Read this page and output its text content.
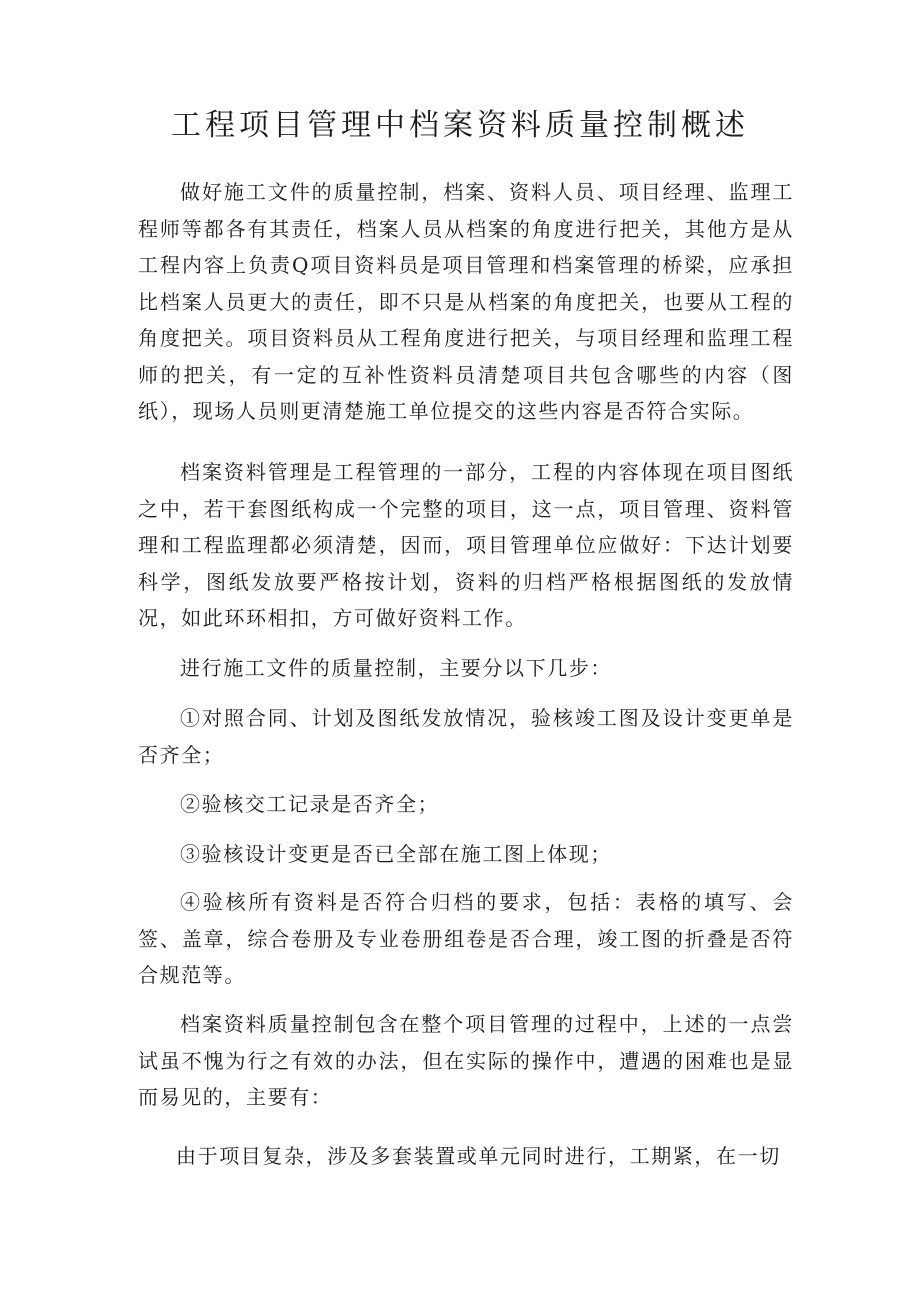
工程项目管理中档案资料质量控制概述

做好施工文件的质量控制，档案、资料人员、项目经理、监理工程师等都各有其责任，档案人员从档案的角度进行把关，其他方是从工程内容上负责Q项目资料员是项目管理和档案管理的桥梁，应承担比档案人员更大的责任，即不只是从档案的角度把关，也要从工程的角度把关。项目资料员从工程角度进行把关，与项目经理和监理工程师的把关，有一定的互补性资料员清楚项目共包含哪些的内容（图纸），现场人员则更清楚施工单位提交的这些内容是否符合实际。

档案资料管理是工程管理的一部分，工程的内容体现在项目图纸之中，若干套图纸构成一个完整的项目，这一点，项目管理、资料管理和工程监理都必须清楚，因而，项目管理单位应做好：下达计划要科学，图纸发放要严格按计划，资料的归档严格根据图纸的发放情况，如此环环相扣，方可做好资料工作。

进行施工文件的质量控制，主要分以下几步：

①对照合同、计划及图纸发放情况，验核竣工图及设计变更单是否齐全；

②验核交工记录是否齐全；

③验核设计变更是否已全部在施工图上体现；

④验核所有资料是否符合归档的要求，包括：表格的填写、会签、盖章，综合卷册及专业卷册组卷是否合理，竣工图的折叠是否符合规范等。

档案资料质量控制包含在整个项目管理的过程中，上述的一点尝试虽不愧为行之有效的办法，但在实际的操作中，遭遇的困难也是显而易见的，主要有：

由于项目复杂，涉及多套装置或单元同时进行，工期紧，在一切
